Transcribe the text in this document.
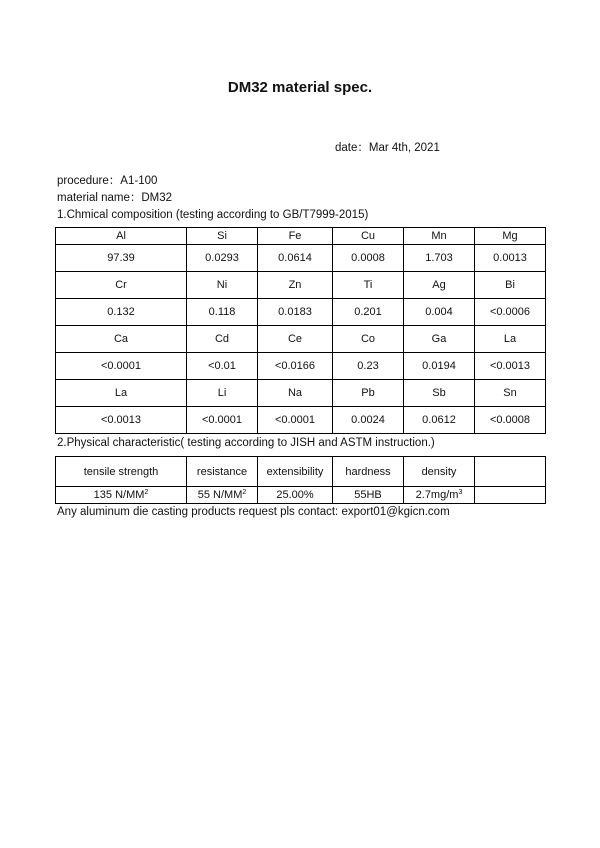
DM32 material spec.
date：Mar 4th, 2021
procedure：A1-100
material name：DM32
1.Chmical composition (testing according to GB/T7999-2015)
Al	Si	Fe	Cu	Mn	Mg
97.39	0.0293	0.0614	0.0008	1.703	0.0013
Cr	Ni	Zn	Ti	Ag	Bi
0.132	0.118	0.0183	0.201	0.004	<0.0006
Ca	Cd	Ce	Co	Ga	La
<0.0001	<0.01	<0.0166	0.23	0.0194	<0.0013
La	Li	Na	Pb	Sb	Sn
<0.0013	<0.0001	<0.0001	0.0024	0.0612	<0.0008
2.Physical characteristic( testing according to JISH and ASTM instruction.)
tensile strength	resistance	extensibility	hardness	density	
135 $N/MM^2$	55 $N/MM^2$	25.00%	55HB	$2.7mg/m^3$	
Any aluminum die casting products request pls contact: export01@kgicn.com
